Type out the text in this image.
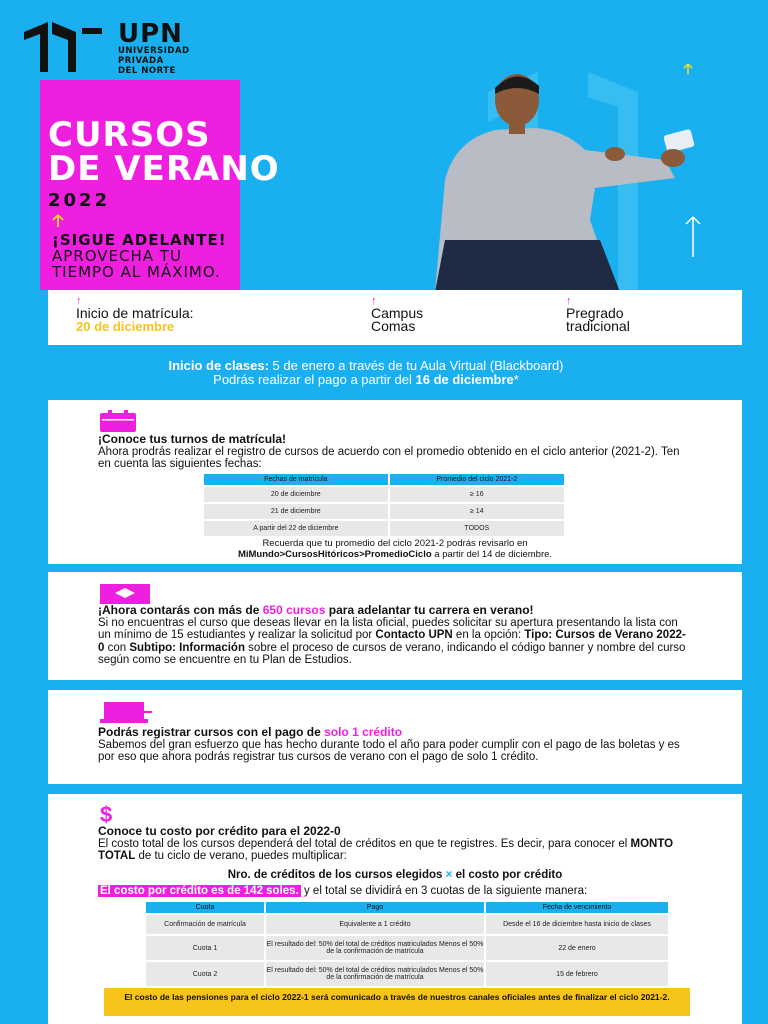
UPN
UNIVERSIDAD
PRIVADA
DEL NORTE
CURSOS
DE VERANO
2022
¡SIGUE ADELANTE!
APROVECHA TU
TIEMPO AL MÁXIMO.
↑
Inicio de matrícula:
20 de diciembre
↑
Campus
Comas
↑
Pregrado
tradicional
Inicio de clases: 5 de enero a través de tu Aula Virtual (Blackboard)
Podrás realizar el pago a partir del 16 de diciembre*
¡Conoce tus turnos de matrícula!
Ahora prodrás realizar el registro de cursos de acuerdo con el promedio obtenido en el ciclo anterior (2021-2). Ten en cuenta las siguientes fechas:
Fechas de matrícula	Promedio del ciclo 2021-2
20 de diciembre	≥ 16
21 de diciembre	≥ 14
A partir del 22 de diciembre	TODOS
Recuerda que tu promedio del ciclo 2021-2 podrás revisarlo en
MiMundo>CursosHitóricos>PromedioCiclo a partir del 14 de diciembre.
¡Ahora contarás con más de 650 cursos para adelantar tu carrera en verano!
Si no encuentras el curso que deseas llevar en la lista oficial, puedes solicitar su apertura presentando la lista con un mínimo de 15 estudiantes y realizar la solicitud por Contacto UPN en la opción: Tipo: Cursos de Verano 2022-0 con Subtipo: Información sobre el proceso de cursos de verano, indicando el código banner y nombre del curso según como se encuentre en tu Plan de Estudios.
Podrás registrar cursos con el pago de solo 1 crédito
Sabemos del gran esfuerzo que has hecho durante todo el año para poder cumplir con el pago de las boletas y es por eso que ahora podrás registrar tus cursos de verano con el pago de solo 1 crédito.
$
Conoce tu costo por crédito para el 2022-0
El costo total de los cursos dependerá del total de créditos en que te registres. Es decir, para conocer el MONTO TOTAL de tu ciclo de verano, puedes multiplicar:
Nro. de créditos de los cursos elegidos × el costo por crédito
El costo por crédito es de 142 soles. y el total se dividirá en 3 cuotas de la siguiente manera:
Cuota	Pago	Fecha de vencimiento
Confirmación de matrícula	Equivalente a 1 crédito	Desde el 16 de diciembre hasta inicio de clases
Cuota 1	El resultado del: 50% del total de créditos matriculados Menos el 50% de la confirmación de matrícula	22 de enero
Cuota 2	El resultado del: 50% del total de créditos matriculados Menos el 50% de la confirmación de matrícula	15 de febrero
El costo de las pensiones para el ciclo 2022-1 será comunicado a través de nuestros canales oficiales antes de finalizar el ciclo 2021-2.
